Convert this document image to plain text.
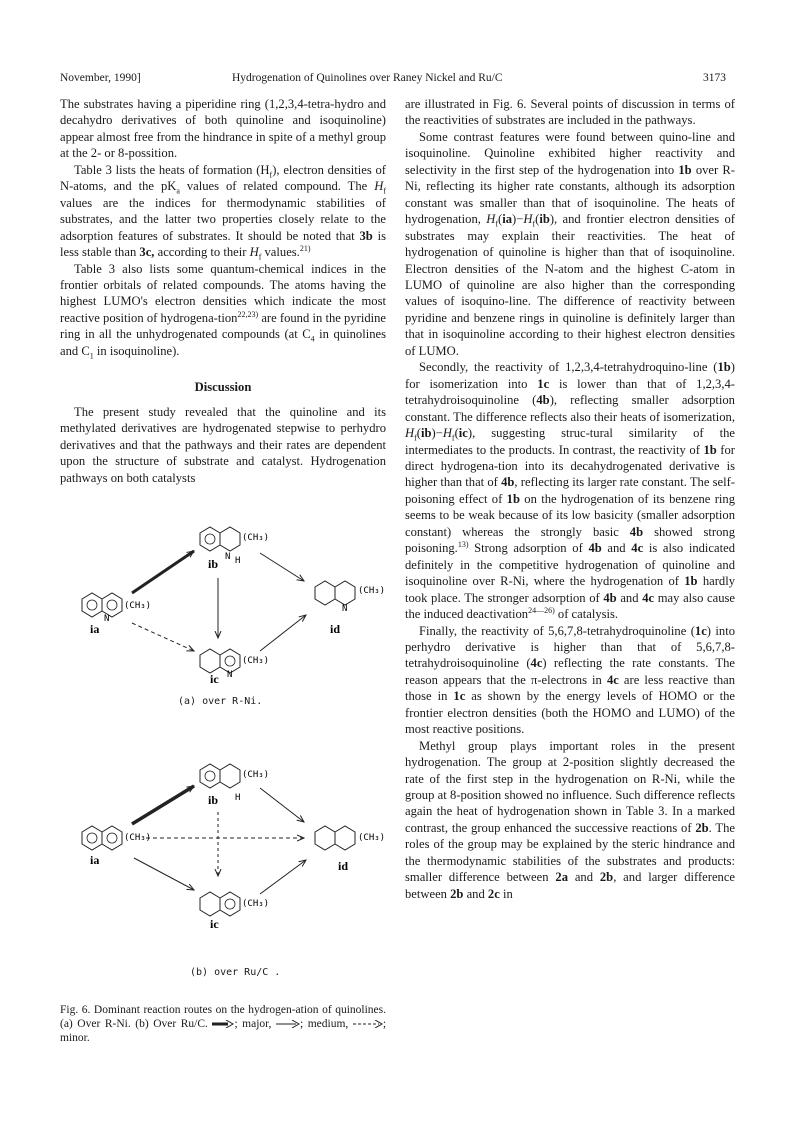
November, 1990]	Hydrogenation of Quinolines over Raney Nickel and Ru/C	3173

The substrates having a piperidine ring (1,2,3,4-tetra-hydro and decahydro derivatives of both quinoline and isoquinoline) appear almost free from the hindrance in spite of a methyl group at the 2- or 8-possition.

Table 3 lists the heats of formation $(H_f)$, electron densities of N-atoms, and the $pK_a$ values of related compound. The $H_f$ values are the indices for thermodynamic stabilities of substrates, and the latter two properties closely relate to the adsorption features of substrates. It should be noted that 3b is less stable than 3c, according to their $H_f$ values.$^{21)}$

Table 3 also lists some quantum-chemical indices in the frontier orbitals of related compounds. The atoms having the highest LUMO's electron densities which indicate the most reactive position of hydrogena-tion$^{22,23)}$ are found in the pyridine ring in all the unhydrogenated compounds (at $C_4$ in quinolines and $C_1$ in isoquinoline).

Discussion

The present study revealed that the quinoline and its methylated derivatives are hydrogenated stepwise to perhydro derivatives and that the pathways and their rates are dependent upon the structure of substrate and catalyst. Hydrogenation pathways on both catalysts

(CH₃)
N
ia
(CH₃)
N H
ib
(CH₃)
N
id
(CH₃)
N
ic
(a) over R-Ni.
(CH₃)
ia
(CH₃)
H
ib
(CH₃)
id
(CH₃)
ic
(b) over Ru/C .
Fig. 6. Dominant reaction routes on the hydrogen-ation of quinolines. (a) Over R-Ni. (b) Over Ru/C. ; major, ; medium,	; minor.

are illustrated in Fig. 6. Several points of discussion in terms of the reactivities of substrates are included in the pathways.

Some contrast features were found between quino-line and isoquinoline. Quinoline exhibited higher reactivity and selectivity in the first step of the hydrogenation into 1b over R-Ni, reflecting its higher rate constants, although its adsorption constant was smaller than that of isoquinoline. The heats of hydrogenation, $H_f(ia)-H_f(ib)$, and frontier electron densities of substrates may explain their reactivities. The heat of hydrogenation of quinoline is higher than that of isoquinoline. Electron densities of the N-atom and the highest C-atom in LUMO of quinoline are also higher than the corresponding values of isoquino-line. The difference of reactivity between pyridine and benzene rings in quinoline is definitely larger than that in isoquinoline according to their highest electron densities of LUMO.

Secondly, the reactivity of 1,2,3,4-tetrahydroquino-line (1b) for isomerization into 1c is lower than that of 1,2,3,4-tetrahydroisoquinoline (4b), reflecting smaller adsorption constant. The difference reflects also their heats of isomerization, $H_f(ib)-H_f(ic)$, suggesting struc-tural similarity of the intermediates to the products. In contrast, the reactivity of 1b for direct hydrogena-tion into its decahydrogenated derivative is higher than that of 4b, reflecting its larger rate constant. The self-poisoning effect of 1b on the hydrogenation of its benzene ring seems to be weak because of its low basicity (smaller adsorption constant) whereas the strongly basic 4b showed strong poisoning.$^{13)}$ Strong adsorption of 4b and 4c is also indicated definitely in the competitive hydrogenation of quinoline and isoquinoline over R-Ni, where the hydrogenation of 1b hardly took place. The stronger adsorption of 4b and 4c may also cause the induced deactivation$^{24—26)}$ of catalysis.

Finally, the reactivity of 5,6,7,8-tetrahydroquinoline (1c) into perhydro derivative is higher than that of 5,6,7,8-tetrahydroisoquinoline (4c) reflecting the rate constants. The reason appears that the π-electrons in 4c are less reactive than those in 1c as shown by the energy levels of HOMO or the frontier electron densities (both the HOMO and LUMO) of the most reactive positions.

Methyl group plays important roles in the present hydrogenation. The group at 2-position slightly decreased the rate of the first step in the hydrogenation on R-Ni, while the group at 8-position showed no influence. Such difference reflects again the heat of hydrogenation shown in Table 3. In a marked contrast, the group enhanced the successive reactions of 2b. The roles of the group may be explained by the steric hindrance and the thermodynamic stabilities of the substrates and products: smaller difference between 2a and 2b, and larger difference between 2b and 2c in
